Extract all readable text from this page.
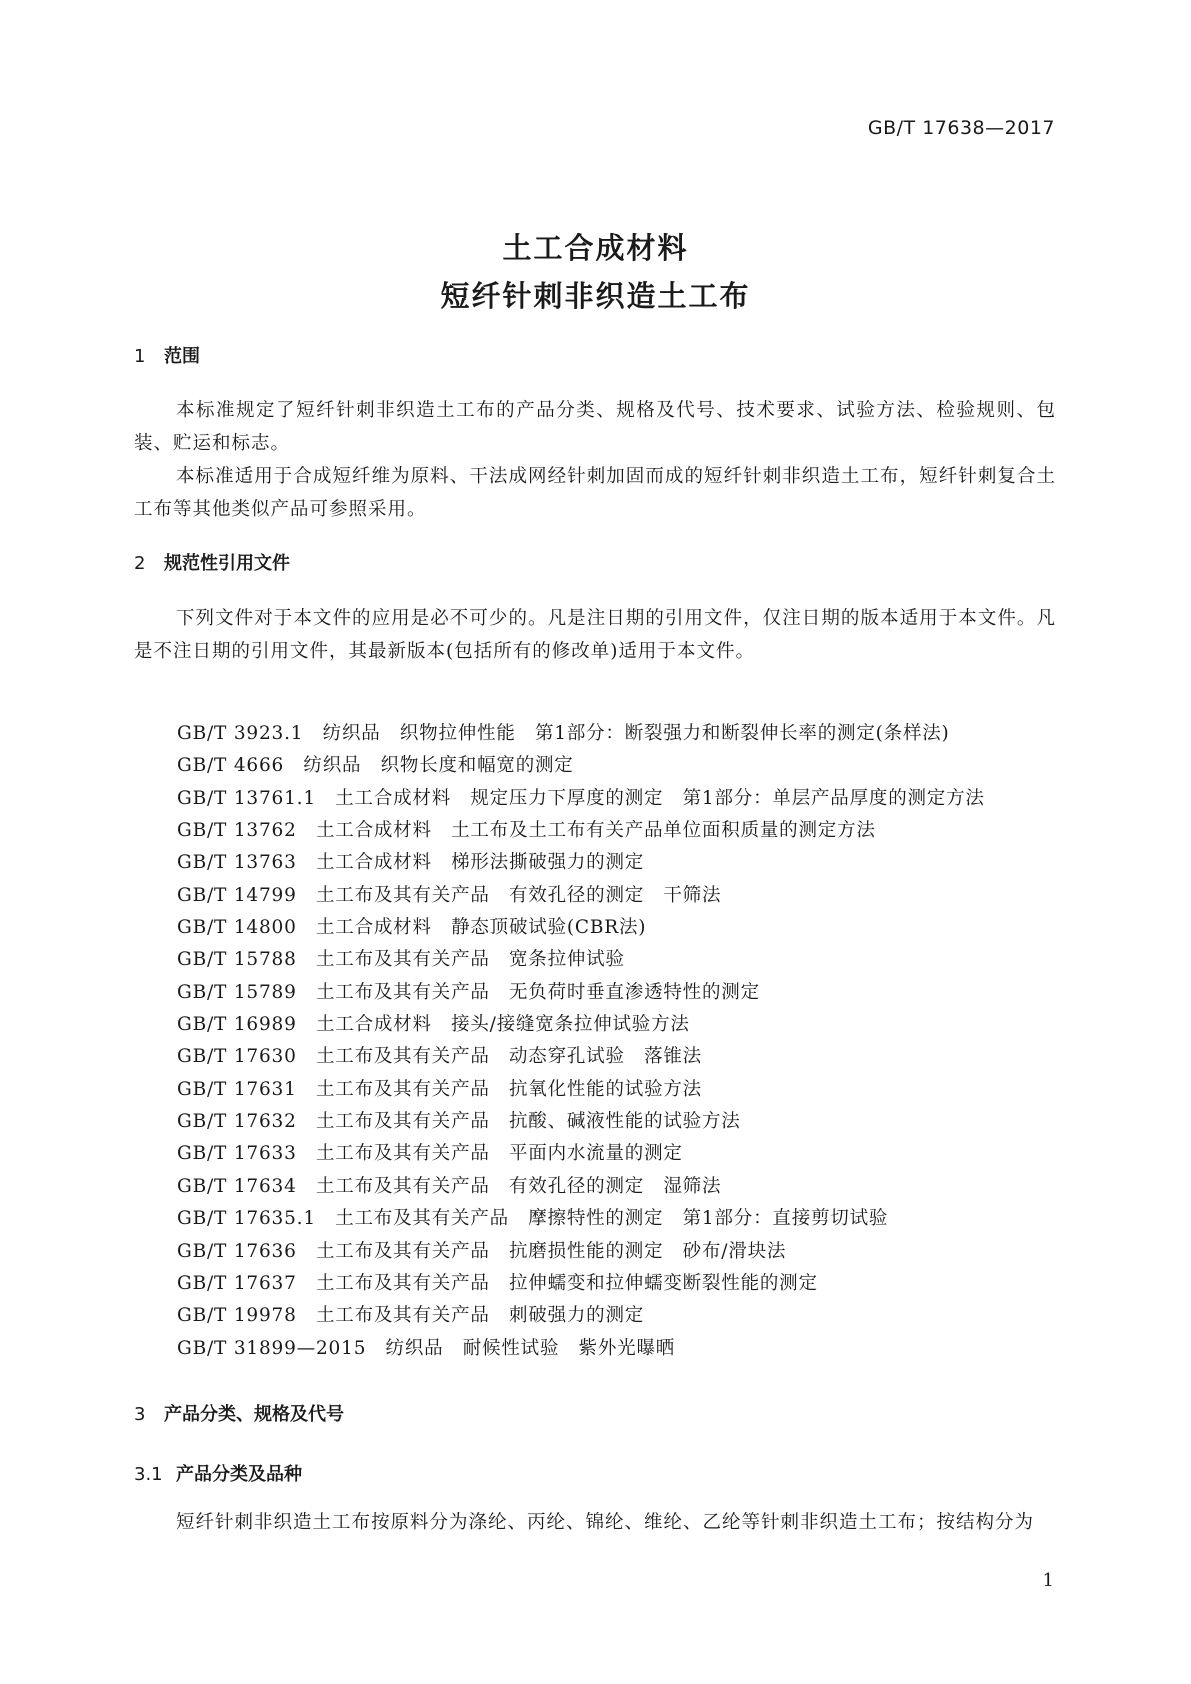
GB/T 17638—2017
土工合成材料
短纤针刺非织造土工布
1 范围
本标准规定了短纤针刺非织造土工布的产品分类、规格及代号、技术要求、试验方法、检验规则、包装、贮运和标志。
本标准适用于合成短纤维为原料、干法成网经针刺加固而成的短纤针刺非织造土工布，短纤针刺复合土工布等其他类似产品可参照采用。
2 规范性引用文件
下列文件对于本文件的应用是必不可少的。凡是注日期的引用文件，仅注日期的版本适用于本文件。凡是不注日期的引用文件，其最新版本(包括所有的修改单)适用于本文件。
GB/T 3923.1　纺织品　织物拉伸性能　第1部分：断裂强力和断裂伸长率的测定(条样法)
GB/T 4666　纺织品　织物长度和幅宽的测定
GB/T 13761.1　土工合成材料　规定压力下厚度的测定　第1部分：单层产品厚度的测定方法
GB/T 13762　土工合成材料　土工布及土工布有关产品单位面积质量的测定方法
GB/T 13763　土工合成材料　梯形法撕破强力的测定
GB/T 14799　土工布及其有关产品　有效孔径的测定　干筛法
GB/T 14800　土工合成材料　静态顶破试验(CBR法)
GB/T 15788　土工布及其有关产品　宽条拉伸试验
GB/T 15789　土工布及其有关产品　无负荷时垂直渗透特性的测定
GB/T 16989　土工合成材料　接头/接缝宽条拉伸试验方法
GB/T 17630　土工布及其有关产品　动态穿孔试验　落锥法
GB/T 17631　土工布及其有关产品　抗氧化性能的试验方法
GB/T 17632　土工布及其有关产品　抗酸、碱液性能的试验方法
GB/T 17633　土工布及其有关产品　平面内水流量的测定
GB/T 17634　土工布及其有关产品　有效孔径的测定　湿筛法
GB/T 17635.1　土工布及其有关产品　摩擦特性的测定　第1部分：直接剪切试验
GB/T 17636　土工布及其有关产品　抗磨损性能的测定　砂布/滑块法
GB/T 17637　土工布及其有关产品　拉伸蠕变和拉伸蠕变断裂性能的测定
GB/T 19978　土工布及其有关产品　刺破强力的测定
GB/T 31899—2015　纺织品　耐候性试验　紫外光曝晒
3 产品分类、规格及代号
3.1 产品分类及品种
短纤针刺非织造土工布按原料分为涤纶、丙纶、锦纶、维纶、乙纶等针刺非织造土工布；按结构分为
1
